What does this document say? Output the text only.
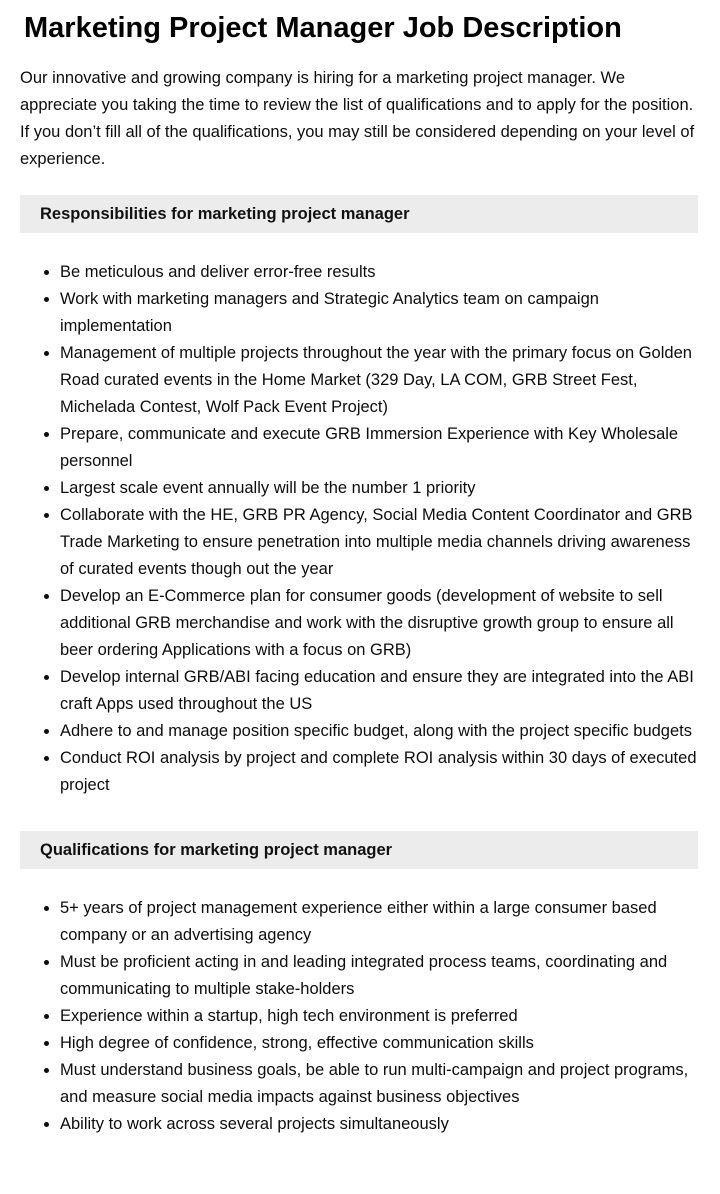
Marketing Project Manager Job Description

Our innovative and growing company is hiring for a marketing project manager. We appreciate you taking the time to review the list of qualifications and to apply for the position. If you don’t fill all of the qualifications, you may still be considered depending on your level of experience.

Responsibilities for marketing project manager
• Be meticulous and deliver error-free results
• Work with marketing managers and Strategic Analytics team on campaign implementation
• Management of multiple projects throughout the year with the primary focus on Golden Road curated events in the Home Market (329 Day, LA COM, GRB Street Fest, Michelada Contest, Wolf Pack Event Project)
• Prepare, communicate and execute GRB Immersion Experience with Key Wholesale personnel
• Largest scale event annually will be the number 1 priority
• Collaborate with the HE, GRB PR Agency, Social Media Content Coordinator and GRB Trade Marketing to ensure penetration into multiple media channels driving awareness of curated events though out the year
• Develop an E-Commerce plan for consumer goods (development of website to sell additional GRB merchandise and work with the disruptive growth group to ensure all beer ordering Applications with a focus on GRB)
• Develop internal GRB/ABI facing education and ensure they are integrated into the ABI craft Apps used throughout the US
• Adhere to and manage position specific budget, along with the project specific budgets
• Conduct ROI analysis by project and complete ROI analysis within 30 days of executed project
Qualifications for marketing project manager
• 5+ years of project management experience either within a large consumer based company or an advertising agency
• Must be proficient acting in and leading integrated process teams, coordinating and communicating to multiple stake-holders
• Experience within a startup, high tech environment is preferred
• High degree of confidence, strong, effective communication skills
• Must understand business goals, be able to run multi-campaign and project programs, and measure social media impacts against business objectives
• Ability to work across several projects simultaneously
